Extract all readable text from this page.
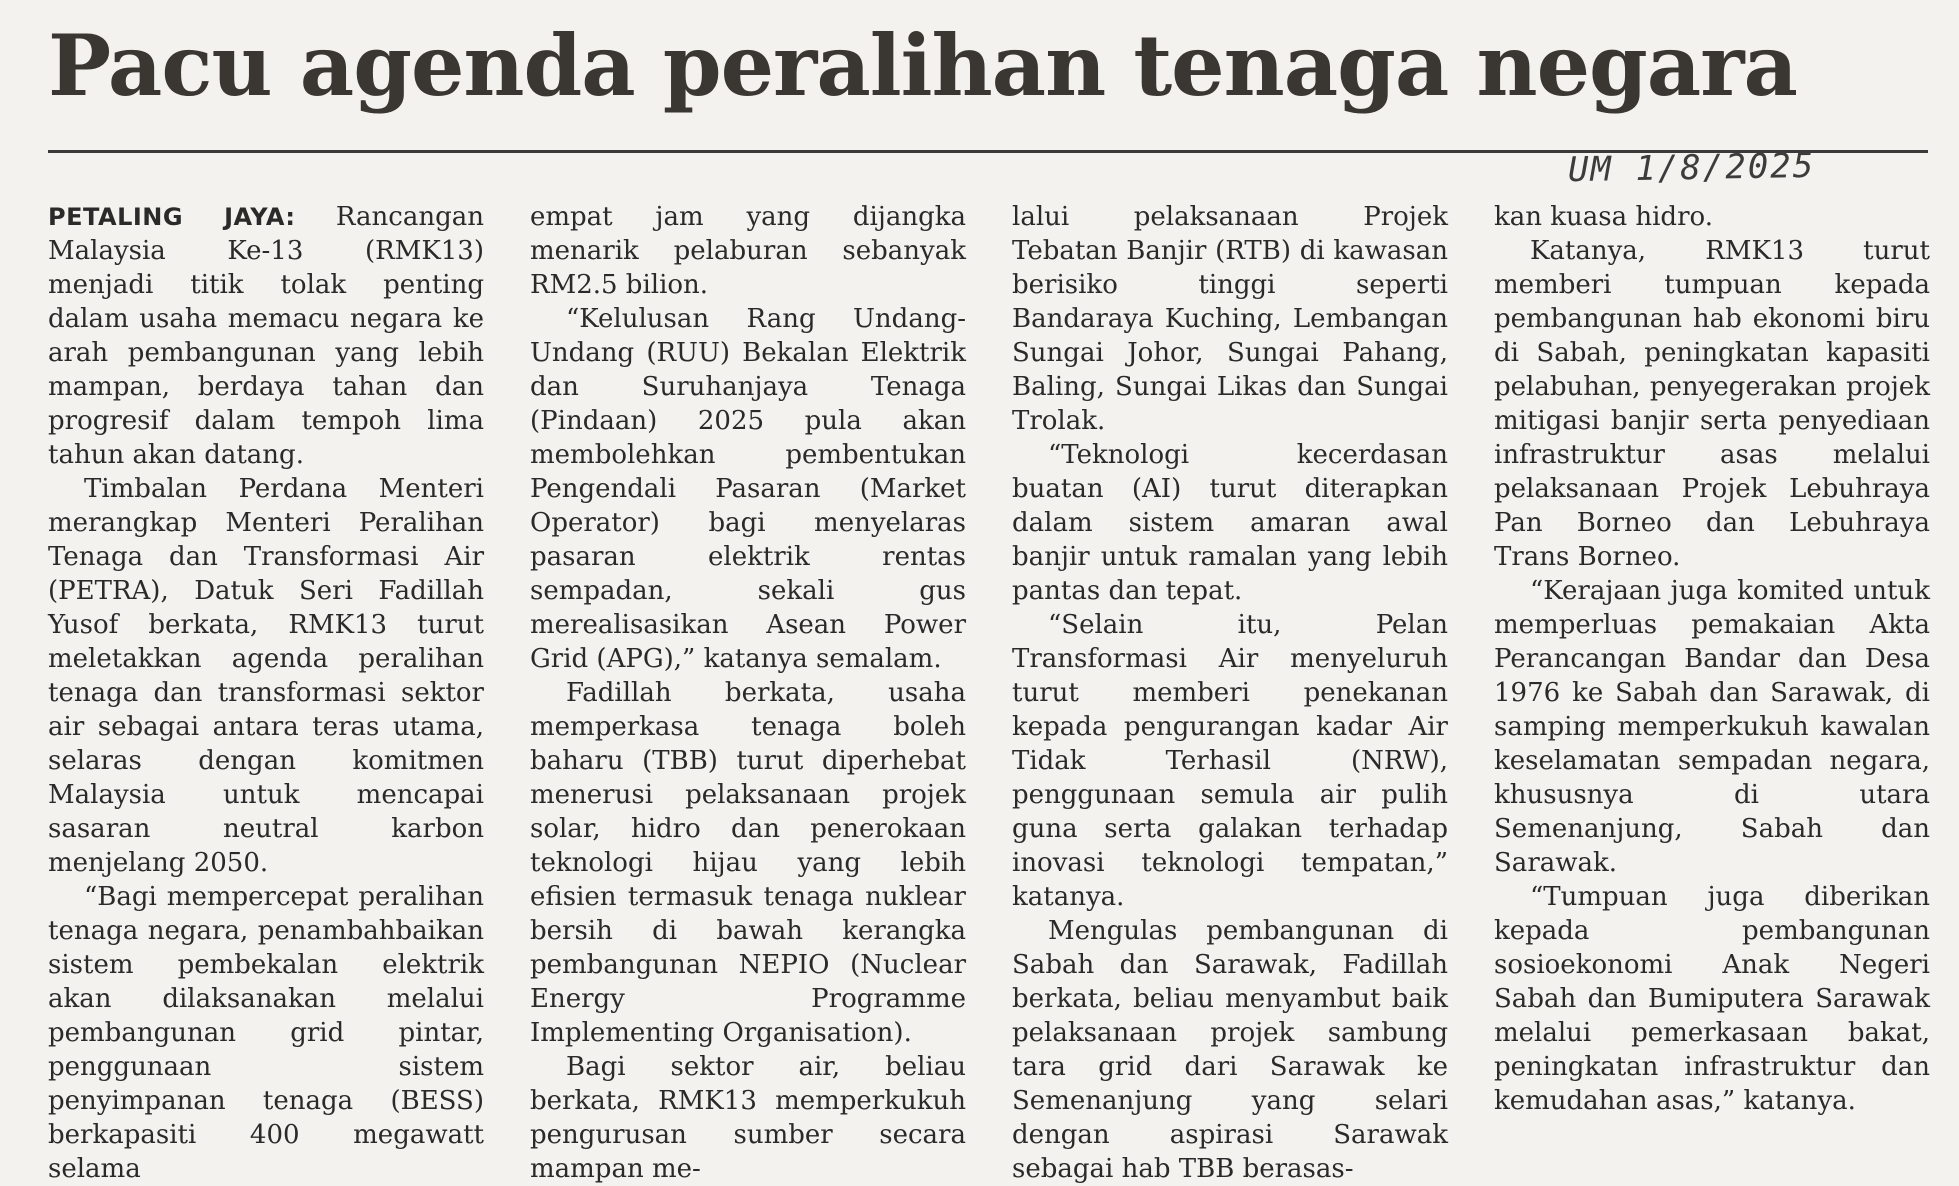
Pacu agenda peralihan tenaga negara
UM 1/8/2025

PETALING JAYA: Rancangan Malaysia Ke-13 (RMK13) menjadi titik tolak penting dalam usaha memacu negara ke arah pembangunan yang lebih mampan, berdaya tahan dan progresif dalam tempoh lima tahun akan datang.

Timbalan Perdana Menteri merangkap Menteri Peralihan Tenaga dan Transformasi Air (PETRA), Datuk Seri Fadillah Yusof berkata, RMK13 turut meletakkan agenda peralihan tenaga dan transformasi sektor air sebagai antara teras utama, selaras dengan komitmen Malaysia untuk mencapai sasaran neutral karbon menjelang 2050.

“Bagi mempercepat peralihan tenaga negara, penambahbaikan sistem pembekalan elektrik akan dilaksanakan melalui pembangunan grid pintar, penggunaan sistem penyimpanan tenaga (BESS) berkapasiti 400 megawatt selama

empat jam yang dijangka menarik pelaburan sebanyak RM2.5 bilion.

“Kelulusan Rang Undang-Undang (RUU) Bekalan Elektrik dan Suruhanjaya Tenaga (Pindaan) 2025 pula akan membolehkan pembentukan Pengendali Pasaran (Market Operator) bagi menyelaras pasaran elektrik rentas sempadan, sekali gus merealisasikan Asean Power Grid (APG),” katanya semalam.

Fadillah berkata, usaha memperkasa tenaga boleh baharu (TBB) turut diperhebat menerusi pelaksanaan projek solar, hidro dan penerokaan teknologi hijau yang lebih efisien termasuk tenaga nuklear bersih di bawah kerangka pembangunan NEPIO (Nuclear Energy Programme Implementing Organisation).

Bagi sektor air, beliau berkata, RMK13 memperkukuh pengurusan sumber secara mampan me-

lalui pelaksanaan Projek Tebatan Banjir (RTB) di kawasan berisiko tinggi seperti Bandaraya Kuching, Lembangan Sungai Johor, Sungai Pahang, Baling, Sungai Likas dan Sungai Trolak.

“Teknologi kecerdasan buatan (AI) turut diterapkan dalam sistem amaran awal banjir untuk ramalan yang lebih pantas dan tepat.

“Selain itu, Pelan Transformasi Air menyeluruh turut memberi penekanan kepada pengurangan kadar Air Tidak Terhasil (NRW), penggunaan semula air pulih guna serta galakan terhadap inovasi teknologi tempatan,” katanya.

Mengulas pembangunan di Sabah dan Sarawak, Fadillah berkata, beliau menyambut baik pelaksanaan projek sambung tara grid dari Sarawak ke Semenanjung yang selari dengan aspirasi Sarawak sebagai hab TBB berasas-

kan kuasa hidro.

Katanya, RMK13 turut memberi tumpuan kepada pembangunan hab ekonomi biru di Sabah, peningkatan kapasiti pelabuhan, penyegerakan projek mitigasi banjir serta penyediaan infrastruktur asas melalui pelaksanaan Projek Lebuhraya Pan Borneo dan Lebuhraya Trans Borneo.

“Kerajaan juga komited untuk memperluas pemakaian Akta Perancangan Bandar dan Desa 1976 ke Sabah dan Sarawak, di samping memperkukuh kawalan keselamatan sempadan negara, khususnya di utara Semenanjung, Sabah dan Sarawak.

“Tumpuan juga diberikan kepada pembangunan sosioekonomi Anak Negeri Sabah dan Bumiputera Sarawak melalui pemerkasaan bakat, peningkatan infrastruktur dan kemudahan asas,” katanya.
